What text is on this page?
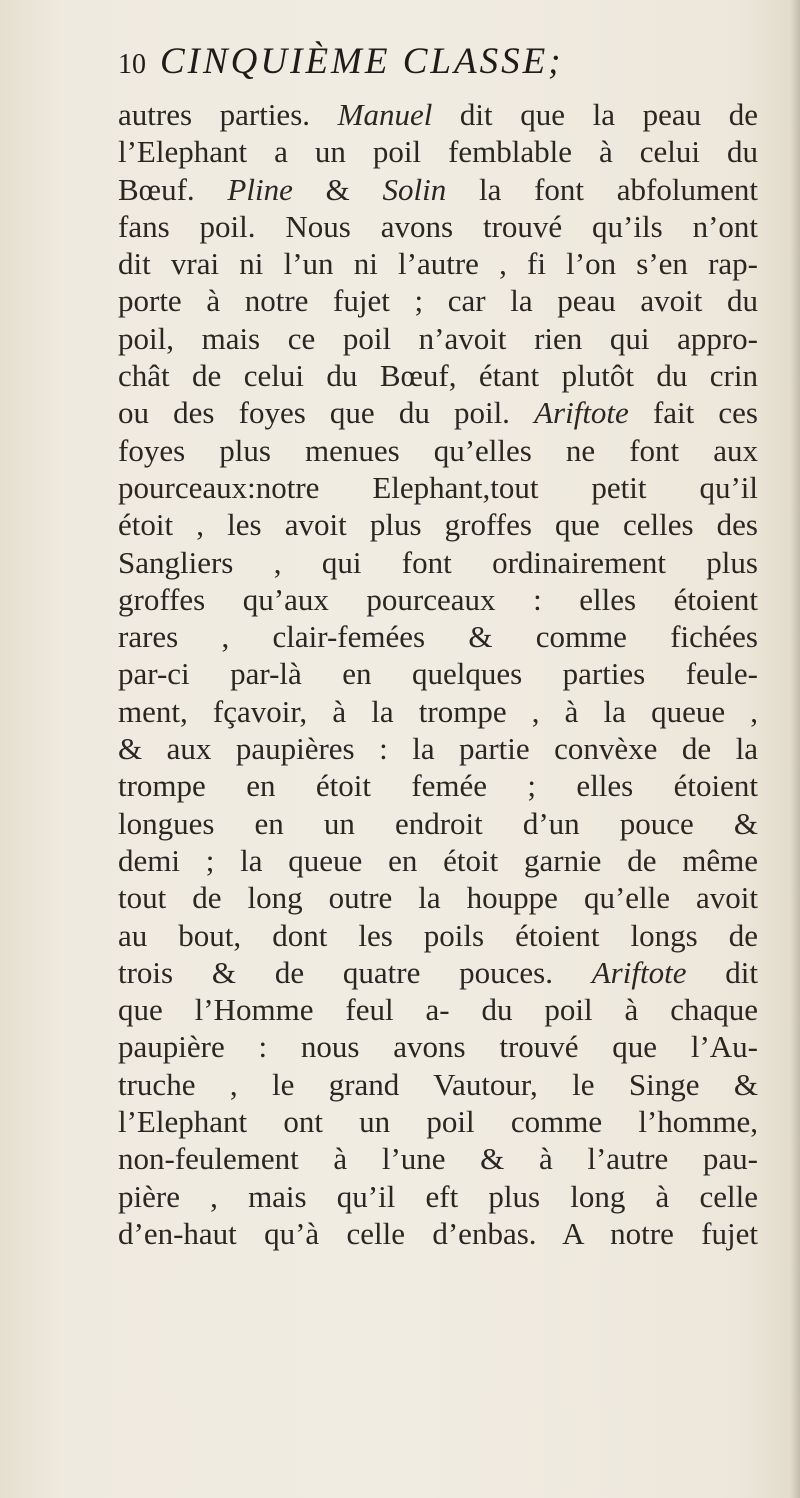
10 CINQUIÈME CLASSE;
autres parties. Manuel dit que la peau de
l’Elephant a un poil femblable à celui du
Bœuf. Pline & Solin la font abfolument
fans poil. Nous avons trouvé qu’ils n’ont
dit vrai ni l’un ni l’autre , fi l’on s’en rap-
porte à notre fujet ; car la peau avoit du
poil, mais ce poil n’avoit rien qui appro-
chât de celui du Bœuf, étant plutôt du crin
ou des foyes que du poil. Ariftote fait ces
foyes plus menues qu’elles ne font aux
pourceaux:notre Elephant,tout petit qu’il
étoit , les avoit plus groffes que celles des
Sangliers , qui font ordinairement plus
groffes qu’aux pourceaux : elles étoient
rares , clair-femées & comme fichées
par-ci par-là en quelques parties feule-
ment, fçavoir, à la trompe , à la queue ,
& aux paupières : la partie convèxe de la
trompe en étoit femée ; elles étoient
longues en un endroit d’un pouce &
demi ; la queue en étoit garnie de même
tout de long outre la houppe qu’elle avoit
au bout, dont les poils étoient longs de
trois & de quatre pouces. Ariftote dit
que l’Homme feul a- du poil à chaque
paupière : nous avons trouvé que l’Au-
truche , le grand Vautour, le Singe &
l’Elephant ont un poil comme l’homme,
non-feulement à l’une & à l’autre pau-
pière , mais qu’il eft plus long à celle
d’en-haut qu’à celle d’enbas. A notre fujet
